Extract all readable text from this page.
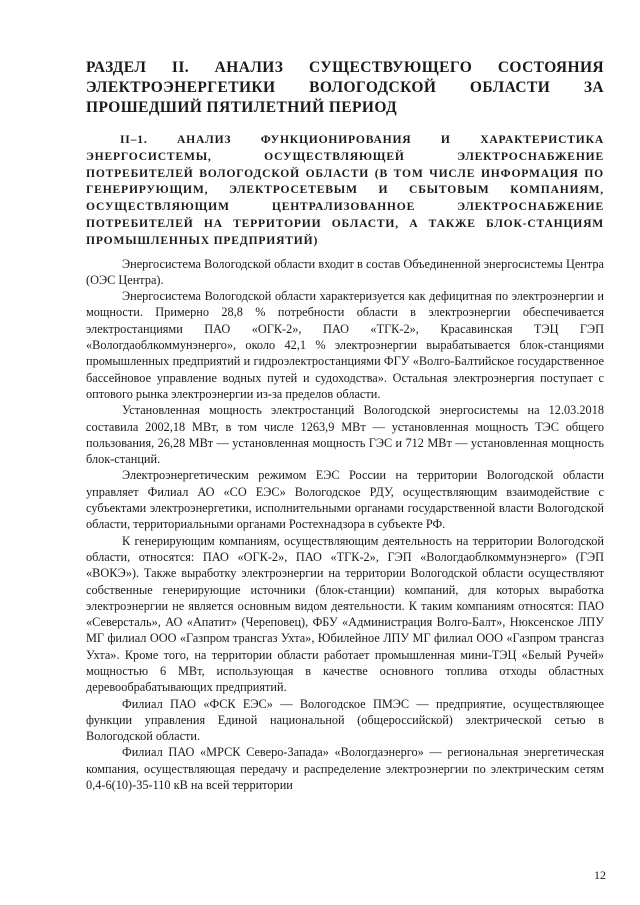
РАЗДЕЛ II. АНАЛИЗ СУЩЕСТВУЮЩЕГО СОСТОЯНИЯ ЭЛЕКТРОЭНЕРГЕТИКИ ВОЛОГОДСКОЙ ОБЛАСТИ ЗА ПРОШЕДШИЙ ПЯТИЛЕТНИЙ ПЕРИОД
II–1. АНАЛИЗ ФУНКЦИОНИРОВАНИЯ И ХАРАКТЕРИСТИКА ЭНЕРГОСИСТЕМЫ, ОСУЩЕСТВЛЯЮЩЕЙ ЭЛЕКТРОСНАБЖЕНИЕ ПОТРЕБИТЕЛЕЙ ВОЛОГОДСКОЙ ОБЛАСТИ (В ТОМ ЧИСЛЕ ИНФОРМАЦИЯ ПО ГЕНЕРИРУЮЩИМ, ЭЛЕКТРОСЕТЕВЫМ И СБЫТОВЫМ КОМПАНИЯМ, ОСУЩЕСТВЛЯЮЩИМ ЦЕНТРАЛИЗОВАННОЕ ЭЛЕКТРОСНАБЖЕНИЕ ПОТРЕБИТЕЛЕЙ НА ТЕРРИТОРИИ ОБЛАСТИ, А ТАКЖЕ БЛОК-СТАНЦИЯМ ПРОМЫШЛЕННЫХ ПРЕДПРИЯТИЙ)

Энергосистема Вологодской области входит в состав Объединенной энергосистемы Центра (ОЭС Центра).

Энергосистема Вологодской области характеризуется как дефицитная по электроэнергии и мощности. Примерно 28,8 % потребности области в электроэнергии обеспечивается электростанциями ПАО «ОГК-2», ПАО «ТГК-2», Красавинская ТЭЦ ГЭП «Вологдаоблкоммунэнерго», около 42,1 % электроэнергии вырабатывается блок-станциями промышленных предприятий и гидроэлектростанциями ФГУ «Волго-Балтийское государственное бассейновое управление водных путей и судоходства». Остальная электроэнергия поступает с оптового рынка электроэнергии из-за пределов области.

Установленная мощность электростанций Вологодской энергосистемы на 12.03.2018 составила 2002,18 МВт, в том числе 1263,9 МВт — установленная мощность ТЭС общего пользования, 26,28 МВт — установленная мощность ГЭС и 712 МВт — установленная мощность блок-станций.

Электроэнергетическим режимом ЕЭС России на территории Вологодской области управляет Филиал АО «СО ЕЭС» Вологодское РДУ, осуществляющим взаимодействие с субъектами электроэнергетики, исполнительными органами государственной власти Вологодской области, территориальными органами Ростехнадзора в субъекте РФ.

К генерирующим компаниям, осуществляющим деятельность на территории Вологодской области, относятся: ПАО «ОГК-2», ПАО «ТГК-2», ГЭП «Вологдаоблкоммунэнерго» (ГЭП «ВОКЭ»). Также выработку электроэнергии на территории Вологодской области осуществляют собственные генерирующие источники (блок-станции) компаний, для которых выработка электроэнергии не является основным видом деятельности. К таким компаниям относятся: ПАО «Северсталь», АО «Апатит» (Череповец), ФБУ «Администрация Волго-Балт», Нюксенское ЛПУ МГ филиал ООО «Газпром трансгаз Ухта», Юбилейное ЛПУ МГ филиал ООО «Газпром трансгаз Ухта». Кроме того, на территории области работает промышленная мини-ТЭЦ «Белый Ручей» мощностью 6 МВт, использующая в качестве основного топлива отходы областных деревообрабатывающих предприятий.

Филиал ПАО «ФСК ЕЭС» — Вологодское ПМЭС — предприятие, осуществляющее функции управления Единой национальной (общероссийской) электрической сетью в Вологодской области.

Филиал ПАО «МРСК Северо-Запада» «Вологдаэнерго» — региональная энергетическая компания, осуществляющая передачу и распределение электроэнергии по электрическим сетям 0,4-6(10)-35-110 кВ на всей территории

12
